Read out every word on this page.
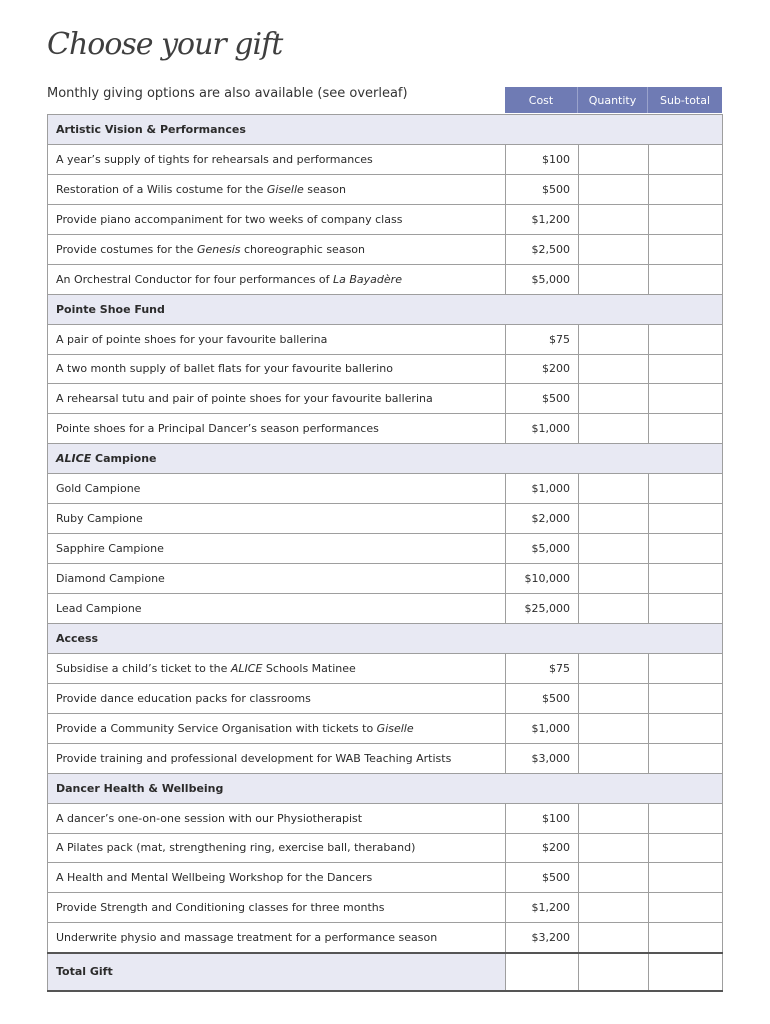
Choose your gift
Monthly giving options are also available (see overleaf)	Cost	Quantity	Sub-total
Artistic Vision & Performances			
A year’s supply of tights for rehearsals and performances	$100		
Restoration of a Wilis costume for the Giselle season	$500		
Provide piano accompaniment for two weeks of company class	$1,200		
Provide costumes for the Genesis choreographic season	$2,500		
An Orchestral Conductor for four performances of La Bayadère	$5,000		
Pointe Shoe Fund			
A pair of pointe shoes for your favourite ballerina	$75		
A two month supply of ballet flats for your favourite ballerino	$200		
A rehearsal tutu and pair of pointe shoes for your favourite ballerina	$500		
Pointe shoes for a Principal Dancer’s season performances	$1,000		
ALICE Campione			
Gold Campione	$1,000		
Ruby Campione	$2,000		
Sapphire Campione	$5,000		
Diamond Campione	$10,000		
Lead Campione	$25,000		
Access			
Subsidise a child’s ticket to the ALICE Schools Matinee	$75		
Provide dance education packs for classrooms	$500		
Provide a Community Service Organisation with tickets to Giselle	$1,000		
Provide training and professional development for WAB Teaching Artists	$3,000		
Dancer Health & Wellbeing			
A dancer’s one-on-one session with our Physiotherapist	$100		
A Pilates pack (mat, strengthening ring, exercise ball, theraband)	$200		
A Health and Mental Wellbeing Workshop for the Dancers	$500		
Provide Strength and Conditioning classes for three months	$1,200		
Underwrite physio and massage treatment for a performance season	$3,200		
Total Gift			
